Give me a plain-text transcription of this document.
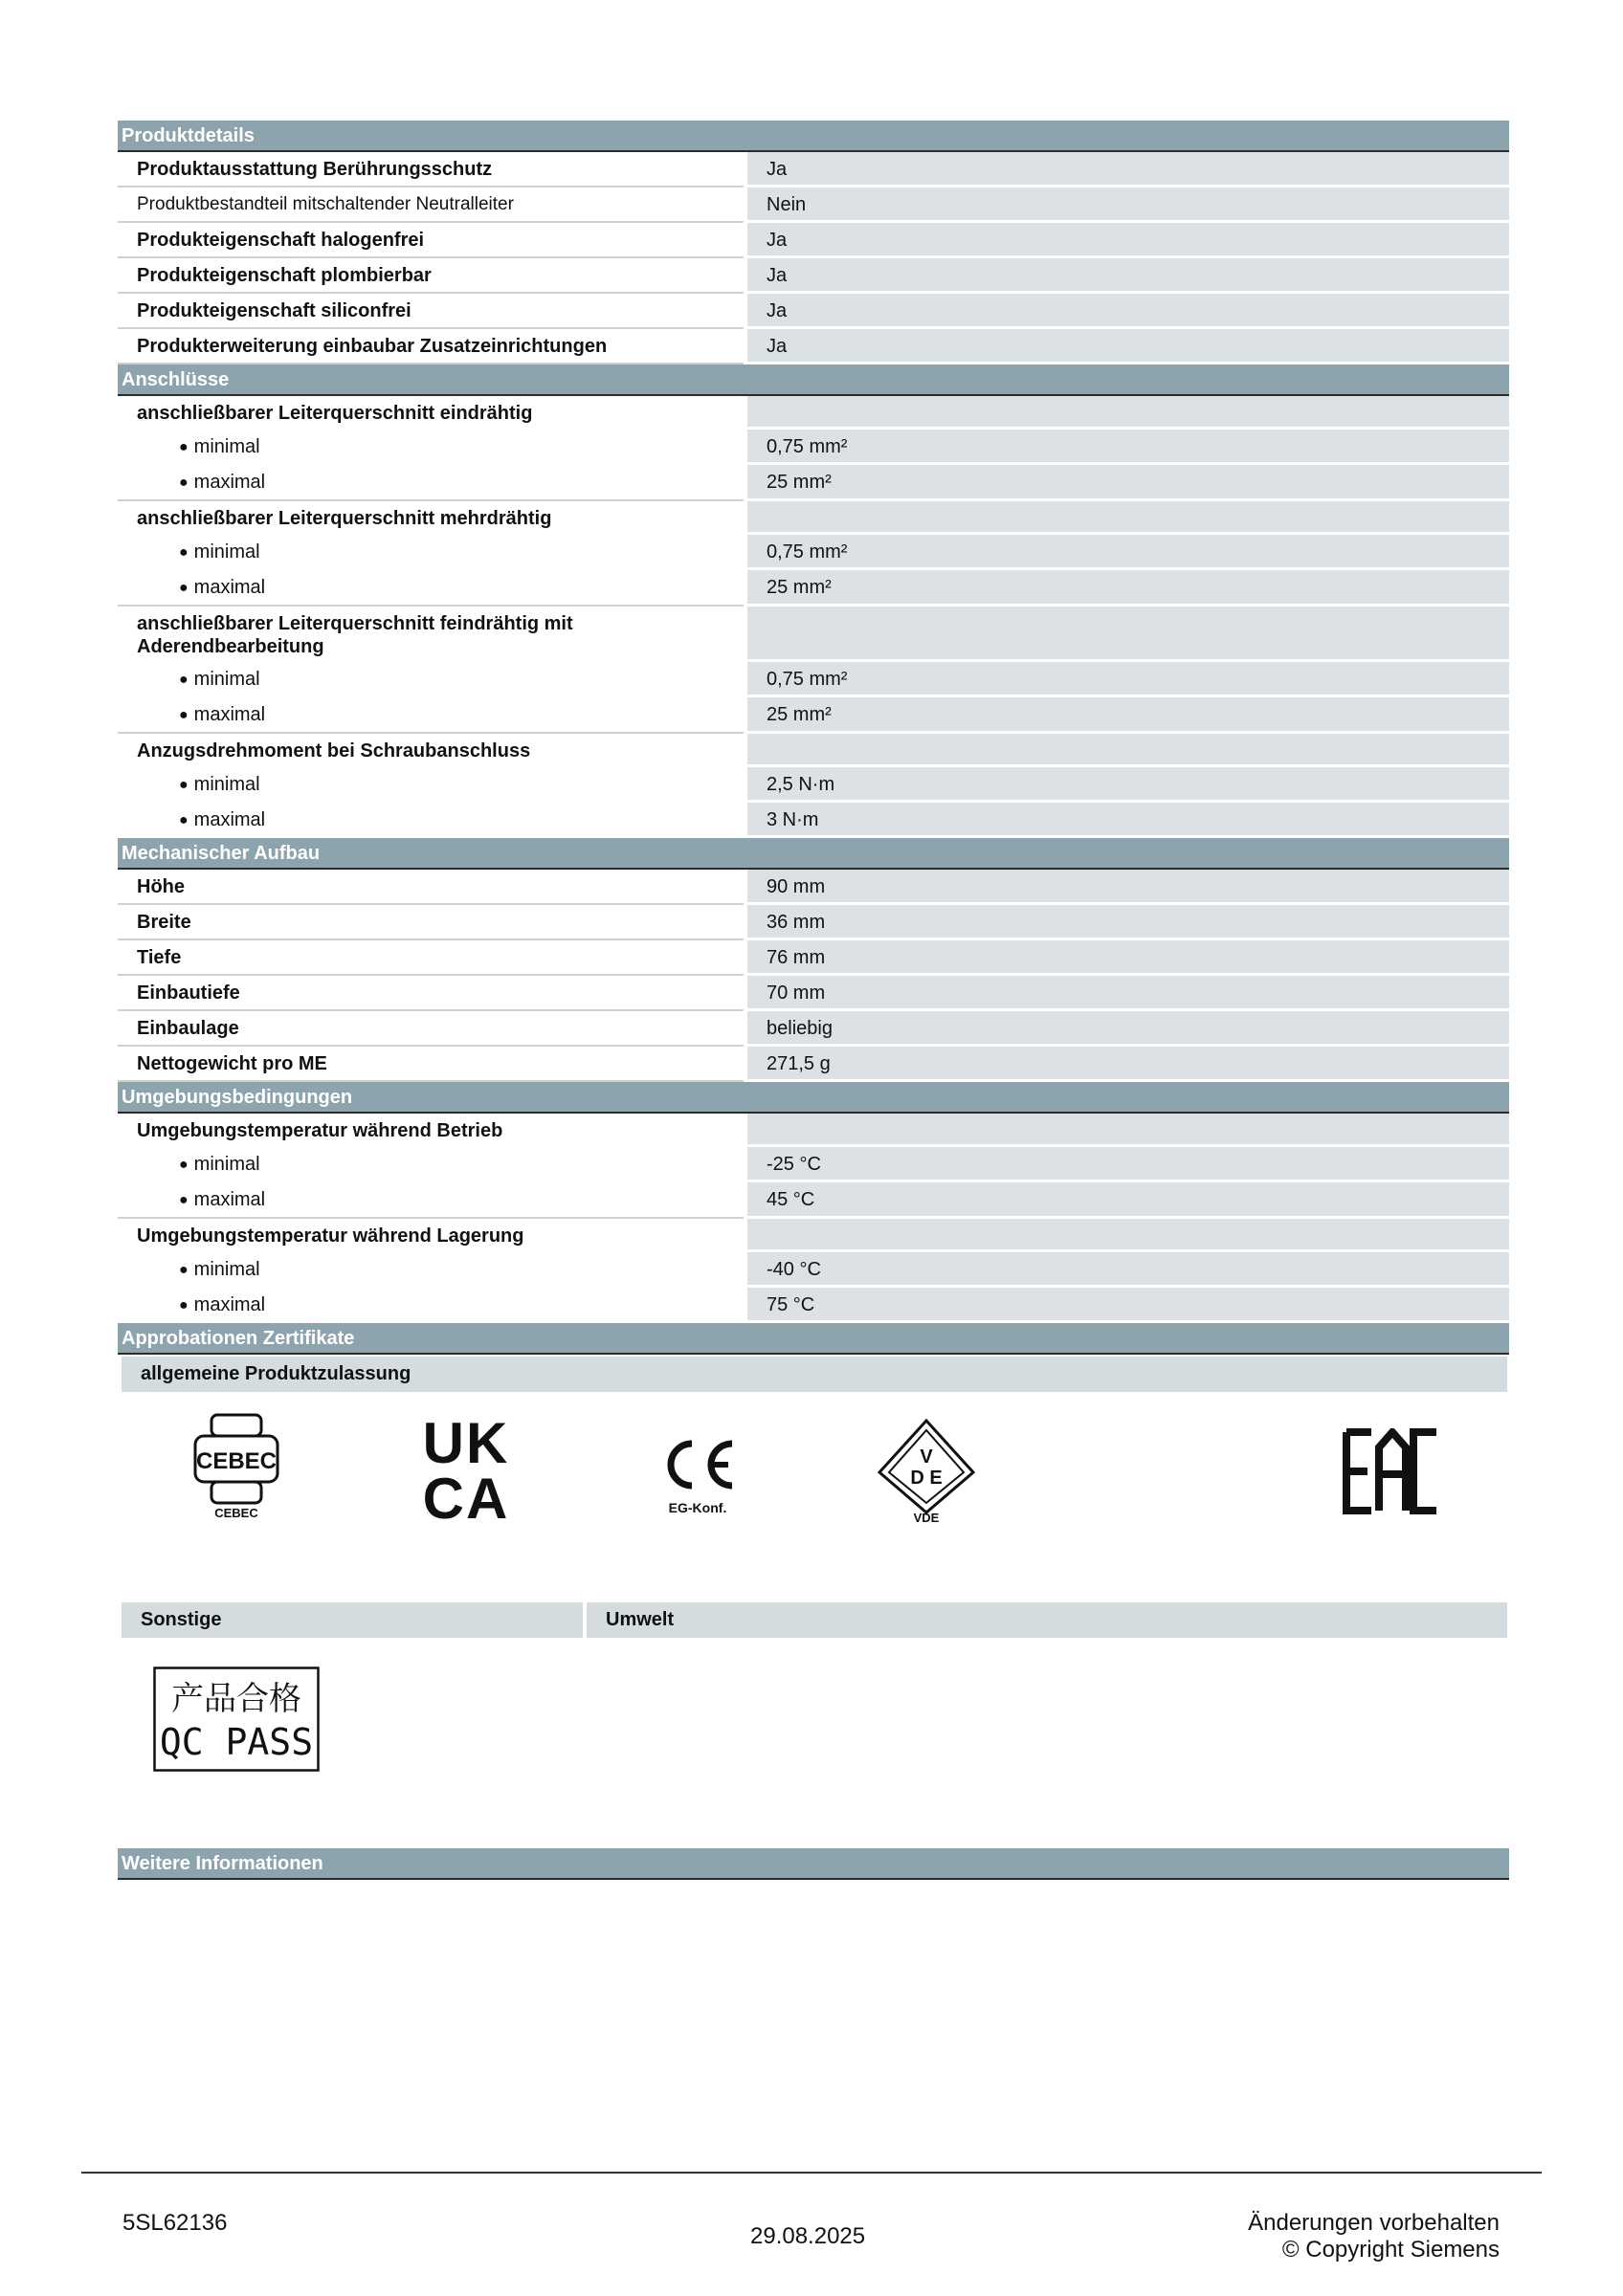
Produktdetails
Produktausstattung Berührungsschutz	Ja
Produktbestandteil mitschaltender Neutralleiter	Nein
Produkteigenschaft halogenfrei	Ja
Produkteigenschaft plombierbar	Ja
Produkteigenschaft siliconfrei	Ja
Produkterweiterung einbaubar Zusatzeinrichtungen	Ja
Anschlüsse
anschließbarer Leiterquerschnitt eindrähtig
● minimal	0,75 mm²
● maximal	25 mm²
anschließbarer Leiterquerschnitt mehrdrähtig
● minimal	0,75 mm²
● maximal	25 mm²
anschließbarer Leiterquerschnitt feindrähtig mit Aderendbearbeitung
● minimal	0,75 mm²
● maximal	25 mm²
Anzugsdrehmoment bei Schraubanschluss
● minimal	2,5 N·m
● maximal	3 N·m
Mechanischer Aufbau
Höhe	90 mm
Breite	36 mm
Tiefe	76 mm
Einbautiefe	70 mm
Einbaulage	beliebig
Nettogewicht pro ME	271,5 g
Umgebungsbedingungen
Umgebungstemperatur während Betrieb
● minimal	-25 °C
● maximal	45 °C
Umgebungstemperatur während Lagerung
● minimal	-40 °C
● maximal	75 °C
Approbationen Zertifikate
allgemeine Produktzulassung
CEBEC
CEBEC
UK
CA	EG-Konf.
V
D E
VDE
Sonstige	Umwelt
产品合格
QC PASS
Weitere Informationen
5SL62136
29.08.2025
Änderungen vorbehalten
© Copyright Siemens
